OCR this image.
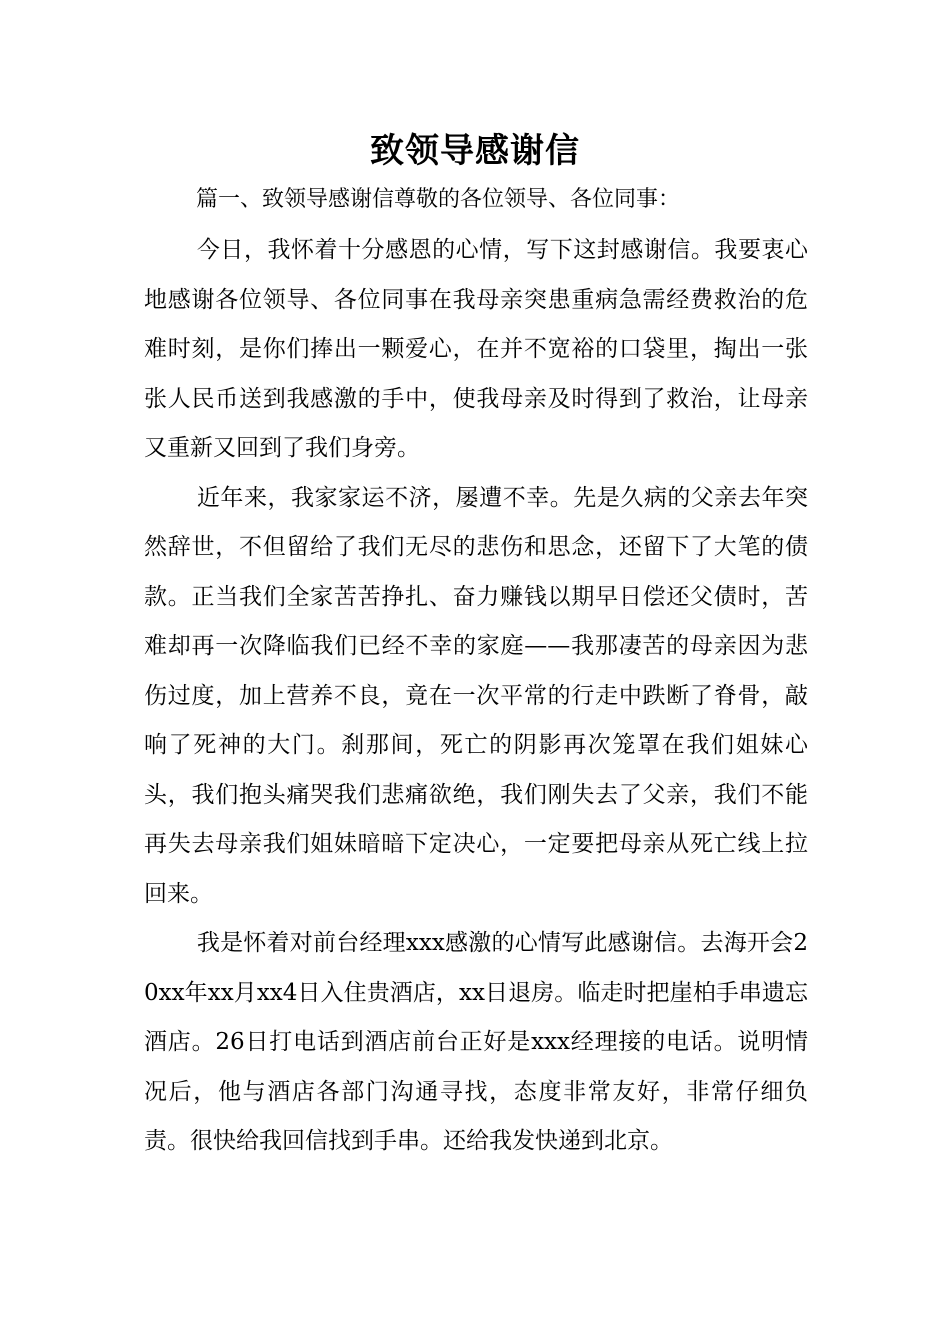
致领导感谢信
篇一、致领导感谢信尊敬的各位领导、各位同事：

今日，我怀着十分感恩的心情，写下这封感谢信。我要衷心地感谢各位领导、各位同事在我母亲突患重病急需经费救治的危难时刻，是你们捧出一颗爱心，在并不宽裕的口袋里，掏出一张张人民币送到我感激的手中，使我母亲及时得到了救治，让母亲又重新又回到了我们身旁。

近年来，我家家运不济，屡遭不幸。先是久病的父亲去年突然辞世，不但留给了我们无尽的悲伤和思念，还留下了大笔的债款。正当我们全家苦苦挣扎、奋力赚钱以期早日偿还父债时，苦难却再一次降临我们已经不幸的家庭——我那凄苦的母亲因为悲伤过度，加上营养不良，竟在一次平常的行走中跌断了脊骨，敲响了死神的大门。刹那间，死亡的阴影再次笼罩在我们姐妹心头，我们抱头痛哭我们悲痛欲绝，我们刚失去了父亲，我们不能再失去母亲我们姐妹暗暗下定决心，一定要把母亲从死亡线上拉回来。

我是怀着对前台经理xxx感激的心情写此感谢信。去海开会20xx年xx月xx4日入住贵酒店，xx日退房。临走时把崖柏手串遗忘酒店。26日打电话到酒店前台正好是xxx经理接的电话。说明情况后，他与酒店各部门沟通寻找，态度非常友好，非常仔细负责。很快给我回信找到手串。还给我发快递到北京。
